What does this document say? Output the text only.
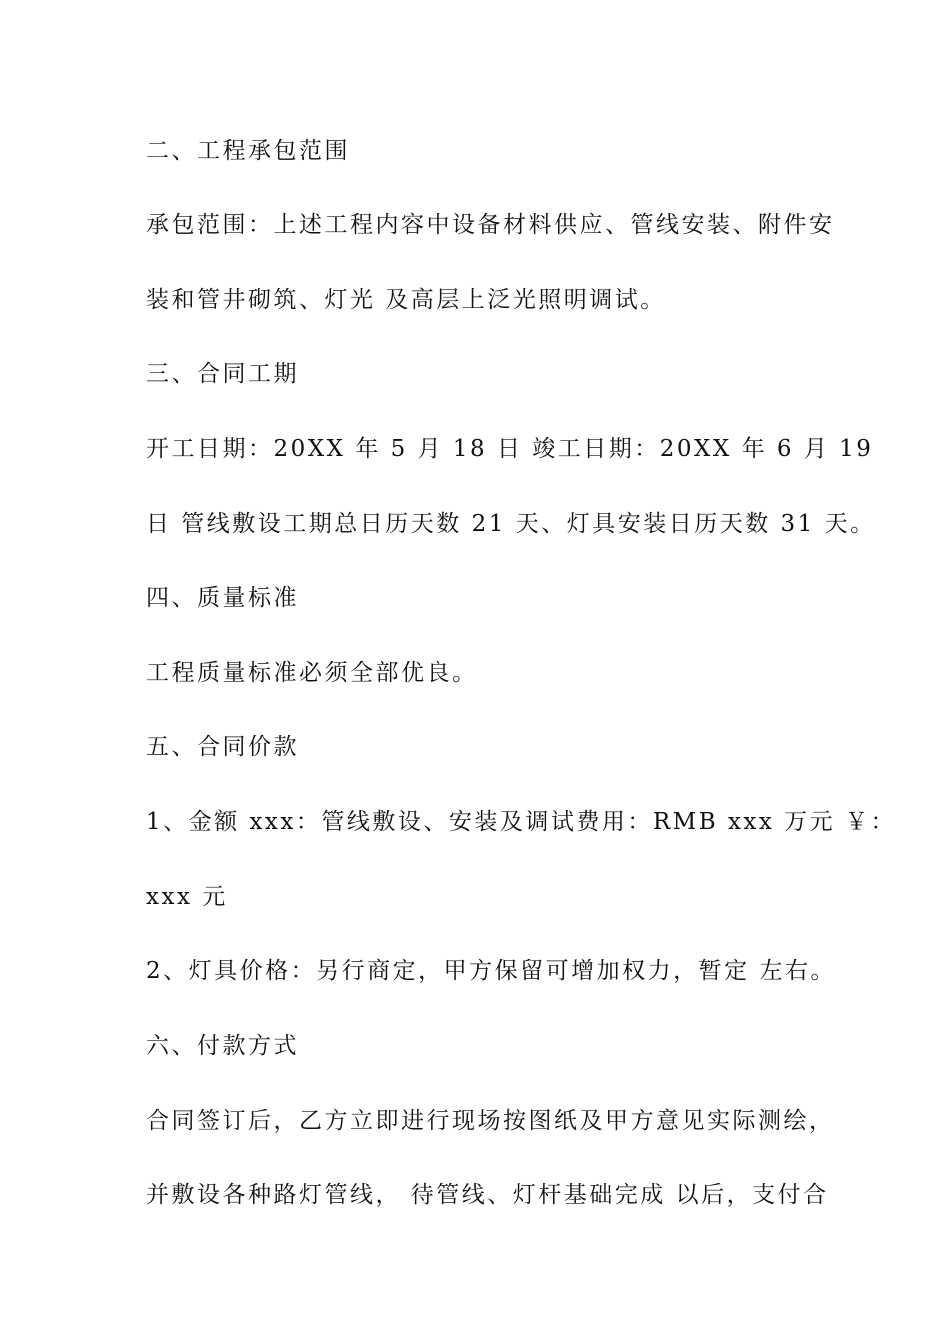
二、工程承包范围
承包范围：上述工程内容中设备材料供应、管线安装、附件安
装和管井砌筑、灯光 及高层上泛光照明调试。
三、合同工期
开工日期：20XX 年 5 月 18 日 竣工日期：20XX 年 6 月 19
日 管线敷设工期总日历天数 21 天、灯具安装日历天数 31 天。
四、质量标准
工程质量标准必须全部优良。
五、合同价款
1、金额 xxx：管线敷设、安装及调试费用：RMB xxx 万元 ￥：
xxx 元
2、灯具价格：另行商定，甲方保留可增加权力，暂定 左右。
六、付款方式
合同签订后，乙方立即进行现场按图纸及甲方意见实际测绘，
并敷设各种路灯管线， 待管线、灯杆基础完成 以后，支付合
